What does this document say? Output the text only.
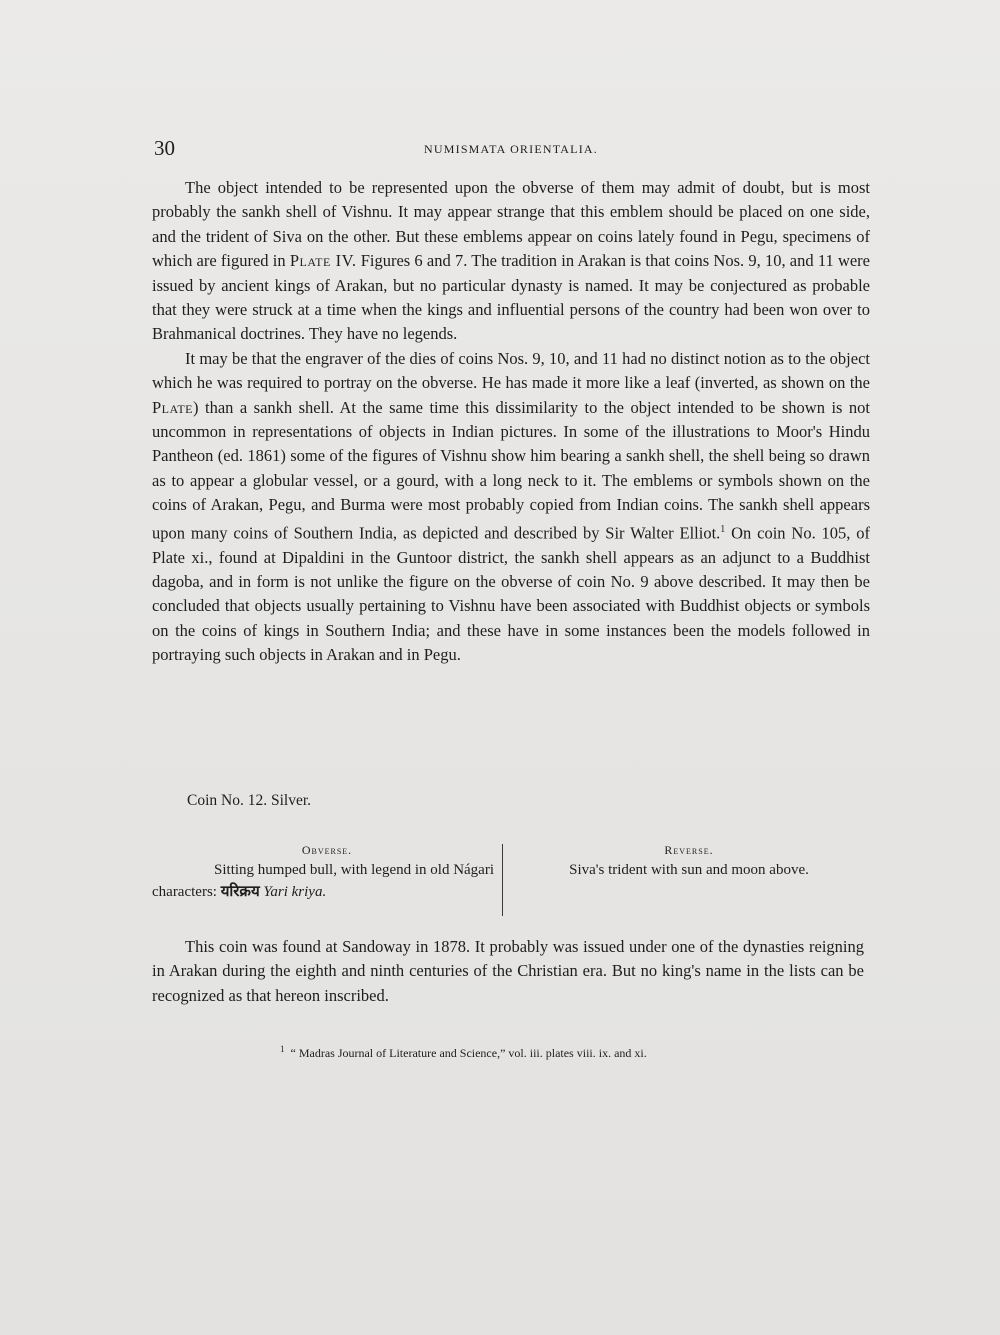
30	NUMISMATA ORIENTALIA.

The object intended to be represented upon the obverse of them may admit of doubt, but is most probably the sankh shell of Vishnu. It may appear strange that this emblem should be placed on one side, and the trident of Siva on the other. But these emblems appear on coins lately found in Pegu, specimens of which are figured in Plate IV. Figures 6 and 7. The tradition in Arakan is that coins Nos. 9, 10, and 11 were issued by ancient kings of Arakan, but no particular dynasty is named. It may be conjectured as probable that they were struck at a time when the kings and influential persons of the country had been won over to Brahmanical doctrines. They have no legends.

It may be that the engraver of the dies of coins Nos. 9, 10, and 11 had no distinct notion as to the object which he was required to portray on the obverse. He has made it more like a leaf (inverted, as shown on the Plate) than a sankh shell. At the same time this dissimilarity to the object intended to be shown is not uncommon in representations of objects in Indian pictures. In some of the illustrations to Moor's Hindu Pantheon (ed. 1861) some of the figures of Vishnu show him bearing a sankh shell, the shell being so drawn as to appear a globular vessel, or a gourd, with a long neck to it. The emblems or symbols shown on the coins of Arakan, Pegu, and Burma were most probably copied from Indian coins. The sankh shell appears upon many coins of Southern India, as depicted and described by Sir Walter Elliot.$^1$ On coin No. 105, of Plate xi., found at Dipaldini in the Guntoor district, the sankh shell appears as an adjunct to a Buddhist dagoba, and in form is not unlike the figure on the obverse of coin No. 9 above described. It may then be concluded that objects usually pertaining to Vishnu have been associated with Buddhist objects or symbols on the coins of kings in Southern India; and these have in some instances been the models followed in portraying such objects in Arakan and in Pegu.

Coin No. 12. Silver.
Obverse.
Sitting humped bull, with legend in old Nágari
characters: यरिक्रय Yari kriya.
Reverse.
Siva's trident with sun and moon above.

This coin was found at Sandoway in 1878. It probably was issued under one of the dynasties reigning in Arakan during the eighth and ninth centuries of the Christian era. But no king's name in the lists can be recognized as that hereon inscribed.

$^1$ “ Madras Journal of Literature and Science,” vol. iii. plates viii. ix. and xi.
